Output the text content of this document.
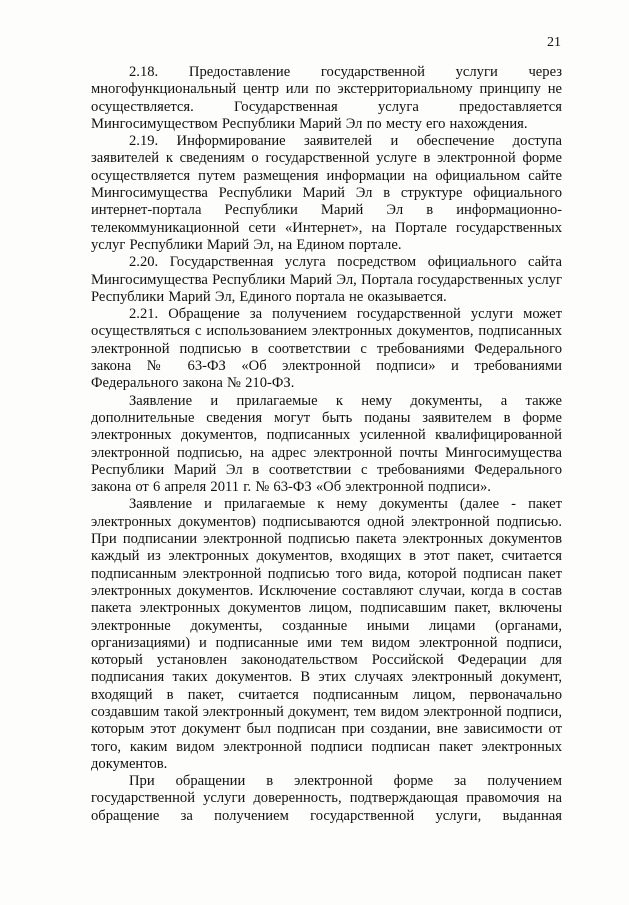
21

2.18. Предоставление государственной услуги через многофункциональный центр или по экстерриториальному принципу не осуществляется. Государственная услуга предоставляется Мингосимуществом Республики Марий Эл по месту его нахождения.

2.19. Информирование заявителей и обеспечение доступа заявителей к сведениям о государственной услуге в электронной форме осуществляется путем размещения информации на официальном сайте Мингосимущества Республики Марий Эл в структуре официального интернет-портала Республики Марий Эл в информационно-телекоммуникационной сети «Интернет», на Портале государственных услуг Республики Марий Эл, на Едином портале.

2.20. Государственная услуга посредством официального сайта Мингосимущества Республики Марий Эл, Портала государственных услуг Республики Марий Эл, Единого портала не оказывается.

2.21. Обращение за получением государственной услуги может осуществляться с использованием электронных документов, подписанных электронной подписью в соответствии с требованиями Федерального закона № 63-ФЗ «Об электронной подписи» и требованиями Федерального закона № 210-ФЗ.

Заявление и прилагаемые к нему документы, а также дополнительные сведения могут быть поданы заявителем в форме электронных документов, подписанных усиленной квалифицированной электронной подписью, на адрес электронной почты Мингосимущества Республики Марий Эл в соответствии с требованиями Федерального закона от 6 апреля 2011 г. № 63-ФЗ «Об электронной подписи».

Заявление и прилагаемые к нему документы (далее - пакет электронных документов) подписываются одной электронной подписью. При подписании электронной подписью пакета электронных документов каждый из электронных документов, входящих в этот пакет, считается подписанным электронной подписью того вида, которой подписан пакет электронных документов. Исключение составляют случаи, когда в состав пакета электронных документов лицом, подписавшим пакет, включены электронные документы, созданные иными лицами (органами, организациями) и подписанные ими тем видом электронной подписи, который установлен законодательством Российской Федерации для подписания таких документов. В этих случаях электронный документ, входящий в пакет, считается подписанным лицом, первоначально создавшим такой электронный документ, тем видом электронной подписи, которым этот документ был подписан при создании, вне зависимости от того, каким видом электронной подписи подписан пакет электронных документов.

При обращении в электронной форме за получением государственной услуги доверенность, подтверждающая правомочия на обращение за получением государственной услуги, выданная
